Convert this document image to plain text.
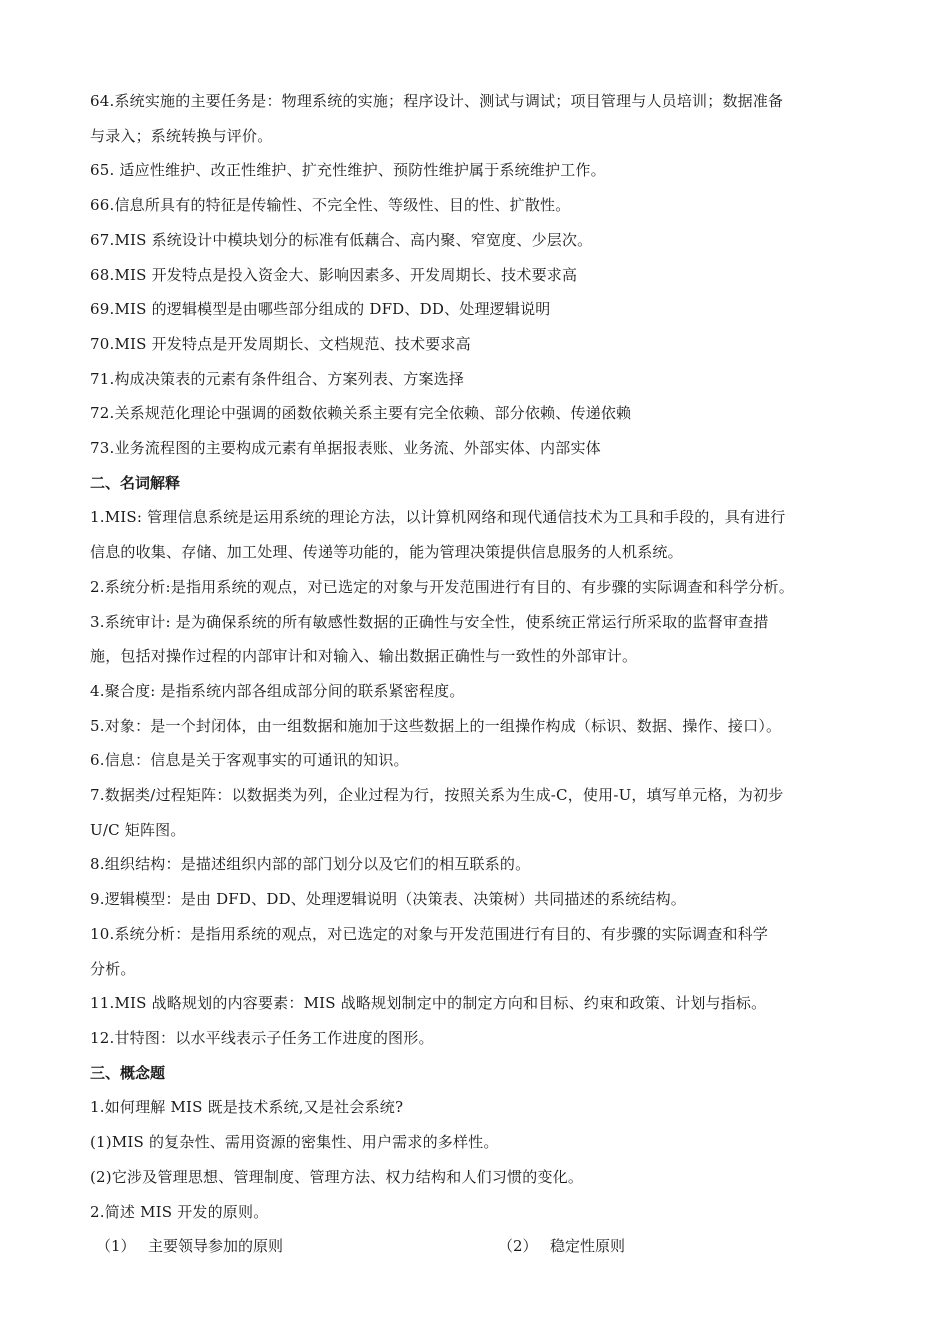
64.系统实施的主要任务是：物理系统的实施；程序设计、测试与调试；项目管理与人员培训；数据准备
与录入；系统转换与评价。
65. 适应性维护、改正性维护、扩充性维护、预防性维护属于系统维护工作。
66.信息所具有的特征是传输性、不完全性、等级性、目的性、扩散性。
67.MIS 系统设计中模块划分的标准有低藕合、高内聚、窄宽度、少层次。
68.MIS 开发特点是投入资金大、影响因素多、开发周期长、技术要求高
69.MIS 的逻辑模型是由哪些部分组成的 DFD、DD、处理逻辑说明
70.MIS 开发特点是开发周期长、文档规范、技术要求高
71.构成决策表的元素有条件组合、方案列表、方案选择
72.关系规范化理论中强调的函数依赖关系主要有完全依赖、部分依赖、传递依赖
73.业务流程图的主要构成元素有单据报表账、业务流、外部实体、内部实体
二、名词解释
1.MIS: 管理信息系统是运用系统的理论方法，以计算机网络和现代通信技术为工具和手段的，具有进行
信息的收集、存储、加工处理、传递等功能的，能为管理决策提供信息服务的人机系统。
2.系统分析:是指用系统的观点，对已选定的对象与开发范围进行有目的、有步骤的实际调查和科学分析。
3.系统审计: 是为确保系统的所有敏感性数据的正确性与安全性，使系统正常运行所采取的监督审查措
施，包括对操作过程的内部审计和对输入、输出数据正确性与一致性的外部审计。
4.聚合度: 是指系统内部各组成部分间的联系紧密程度。
5.对象：是一个封闭体，由一组数据和施加于这些数据上的一组操作构成（标识、数据、操作、接口）。
6.信息：信息是关于客观事实的可通讯的知识。
7.数据类/过程矩阵：以数据类为列，企业过程为行，按照关系为生成-C，使用-U，填写单元格，为初步
U/C 矩阵图。
8.组织结构：是描述组织内部的部门划分以及它们的相互联系的。
9.逻辑模型：是由 DFD、DD、处理逻辑说明（决策表、决策树）共同描述的系统结构。
10.系统分析：是指用系统的观点，对已选定的对象与开发范围进行有目的、有步骤的实际调查和科学
分析。
11.MIS 战略规划的内容要素：MIS 战略规划制定中的制定方向和目标、约束和政策、计划与指标。
12.甘特图：以水平线表示子任务工作进度的图形。
三、概念题
1.如何理解 MIS 既是技术系统,又是社会系统?
(1)MIS 的复杂性、需用资源的密集性、用户需求的多样性。
(2)它涉及管理思想、管理制度、管理方法、权力结构和人们习惯的变化。
2.简述 MIS 开发的原则。
（1） 主要领导参加的原则	（2） 稳定性原则
